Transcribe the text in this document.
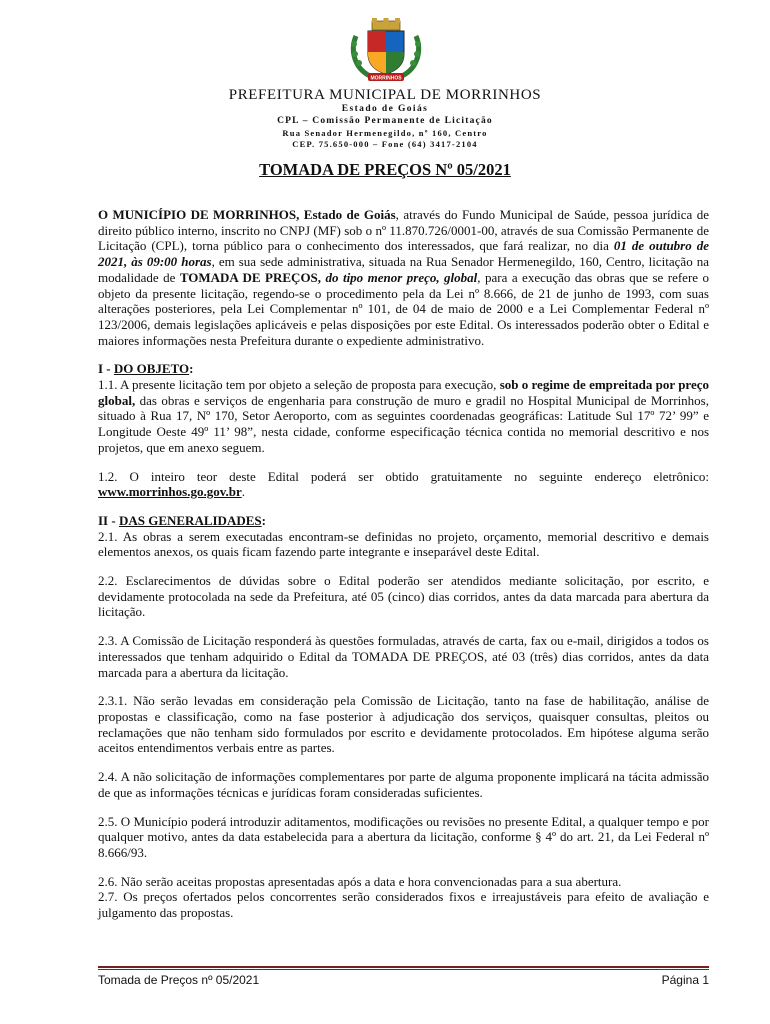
MORRINHOS
PREFEITURA MUNICIPAL DE MORRINHOS
Estado de Goiás
CPL – Comissão Permanente de Licitação
Rua Senador Hermenegildo, nº 160, Centro
CEP. 75.650-000 – Fone (64) 3417-2104
TOMADA DE PREÇOS Nº 05/2021

O MUNICÍPIO DE MORRINHOS, Estado de Goiás, através do Fundo Municipal de Saúde, pessoa jurídica de direito público interno, inscrito no CNPJ (MF) sob o nº 11.870.726/0001-00, através de sua Comissão Permanente de Licitação (CPL), torna público para o conhecimento dos interessados, que fará realizar, no dia 01 de outubro de 2021, às 09:00 horas, em sua sede administrativa, situada na Rua Senador Hermenegildo, 160, Centro, licitação na modalidade de TOMADA DE PREÇOS, do tipo menor preço, global, para a execução das obras que se refere o objeto da presente licitação, regendo-se o procedimento pela da Lei nº 8.666, de 21 de junho de 1993, com suas alterações posteriores, pela Lei Complementar nº 101, de 04 de maio de 2000 e a Lei Complementar Federal nº 123/2006, demais legislações aplicáveis e pelas disposições por este Edital. Os interessados poderão obter o Edital e maiores informações nesta Prefeitura durante o expediente administrativo.

I - DO OBJETO:

1.1. A presente licitação tem por objeto a seleção de proposta para execução, sob o regime de empreitada por preço global, das obras e serviços de engenharia para construção de muro e gradil no Hospital Municipal de Morrinhos, situado à Rua 17, Nº 170, Setor Aeroporto, com as seguintes coordenadas geográficas: Latitude Sul 17º 72’ 99” e Longitude Oeste 49º 11’ 98”, nesta cidade, conforme especificação técnica contida no memorial descritivo e nos projetos, que em anexo seguem.

1.2. O inteiro teor deste Edital poderá ser obtido gratuitamente no seguinte endereço eletrônico: www.morrinhos.go.gov.br.

II - DAS GENERALIDADES:

2.1. As obras a serem executadas encontram-se definidas no projeto, orçamento, memorial descritivo e demais elementos anexos, os quais ficam fazendo parte integrante e inseparável deste Edital.

2.2. Esclarecimentos de dúvidas sobre o Edital poderão ser atendidos mediante solicitação, por escrito, e devidamente protocolada na sede da Prefeitura, até 05 (cinco) dias corridos, antes da data marcada para abertura da licitação.

2.3. A Comissão de Licitação responderá às questões formuladas, através de carta, fax ou e-mail, dirigidos a todos os interessados que tenham adquirido o Edital da TOMADA DE PREÇOS, até 03 (três) dias corridos, antes da data marcada para a abertura da licitação.

2.3.1. Não serão levadas em consideração pela Comissão de Licitação, tanto na fase de habilitação, análise de propostas e classificação, como na fase posterior à adjudicação dos serviços, quaisquer consultas, pleitos ou reclamações que não tenham sido formulados por escrito e devidamente protocolados. Em hipótese alguma serão aceitos entendimentos verbais entre as partes.

2.4. A não solicitação de informações complementares por parte de alguma proponente implicará na tácita admissão de que as informações técnicas e jurídicas foram consideradas suficientes.

2.5. O Município poderá introduzir aditamentos, modificações ou revisões no presente Edital, a qualquer tempo e por qualquer motivo, antes da data estabelecida para a abertura da licitação, conforme § 4º do art. 21, da Lei Federal nº 8.666/93.

2.6. Não serão aceitas propostas apresentadas após a data e hora convencionadas para a sua abertura.

2.7. Os preços ofertados pelos concorrentes serão considerados fixos e irreajustáveis para efeito de avaliação e julgamento das propostas.

Tomada de Preços nº 05/2021	Página 1
